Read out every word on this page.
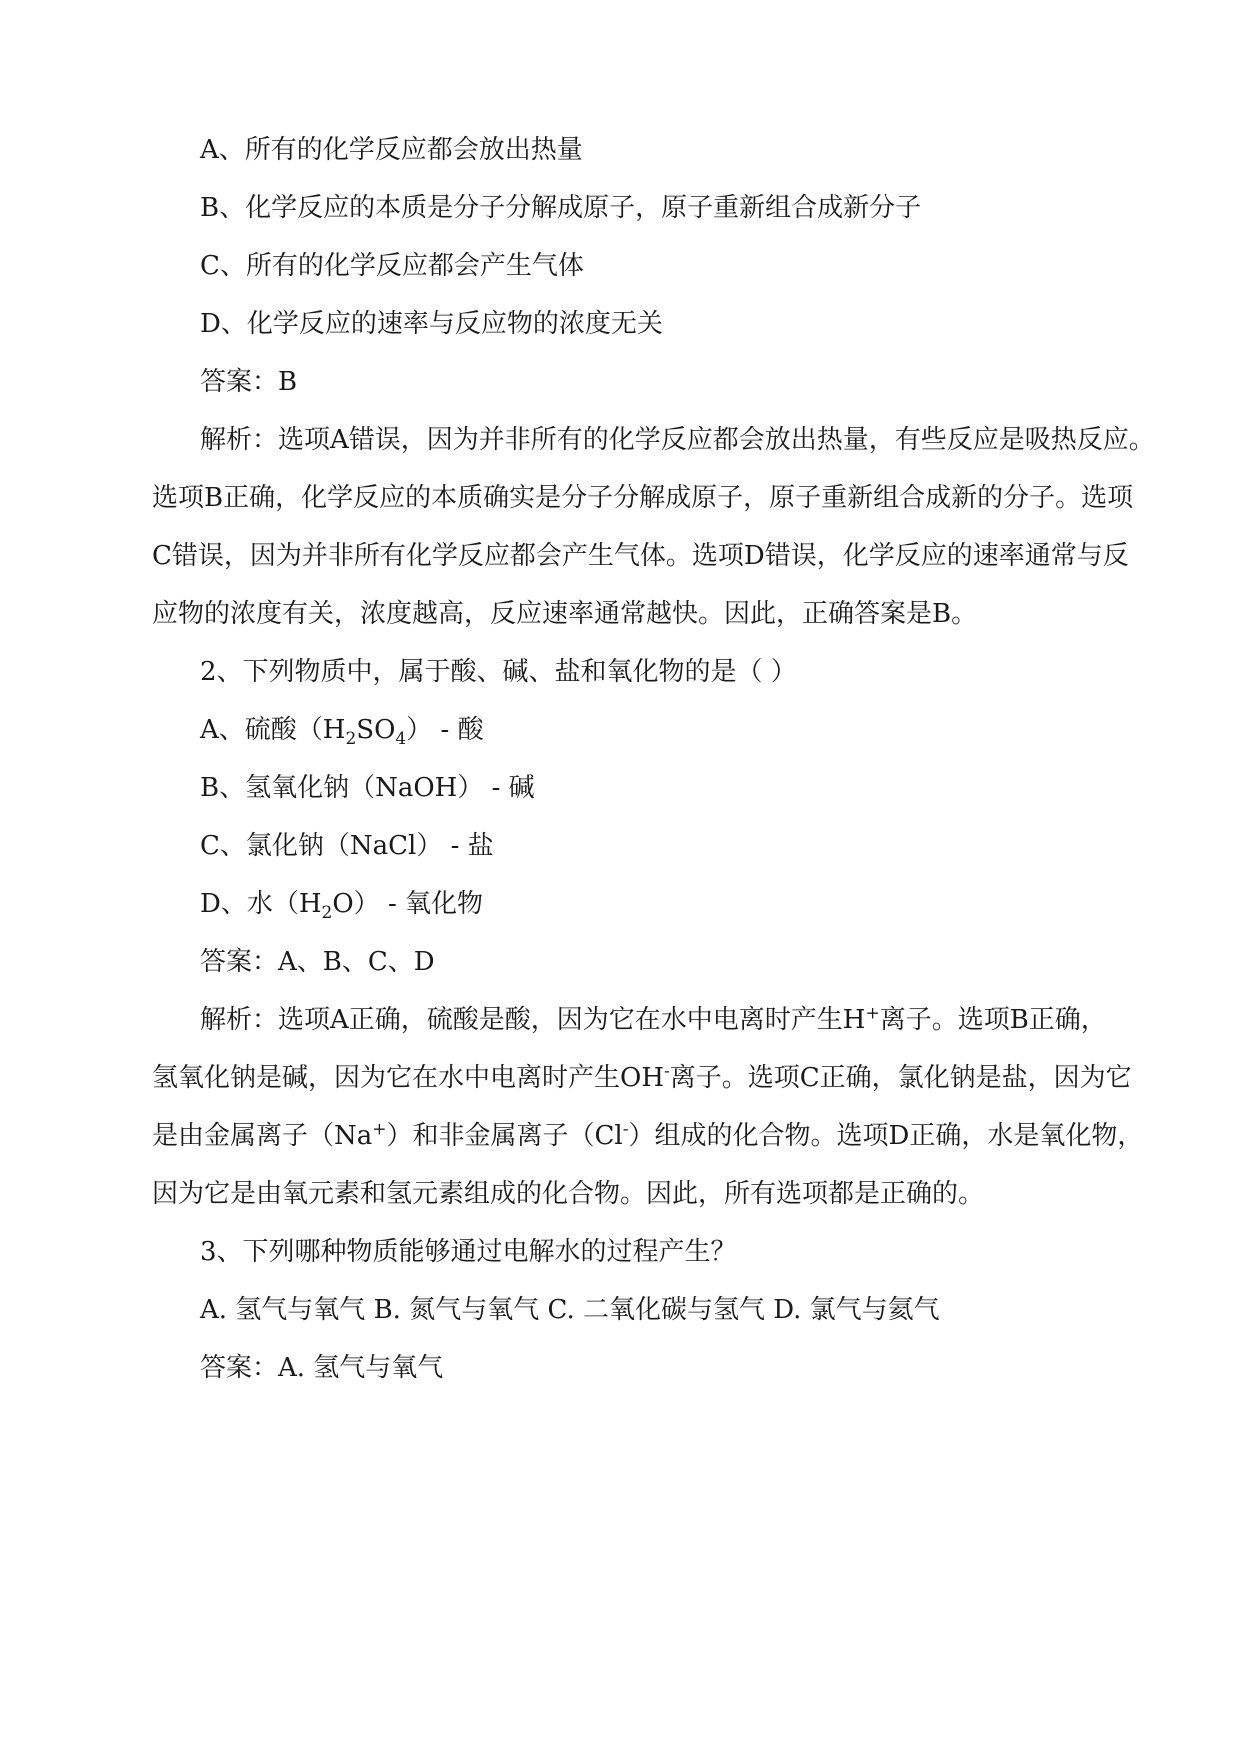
A、所有的化学反应都会放出热量
B、化学反应的本质是分子分解成原子，原子重新组合成新分子
C、所有的化学反应都会产生气体
D、化学反应的速率与反应物的浓度无关
答案：B
解析：选项A错误，因为并非所有的化学反应都会放出热量，有些反应是吸热反应。
选项B正确，化学反应的本质确实是分子分解成原子，原子重新组合成新的分子。选项
C错误，因为并非所有化学反应都会产生气体。选项D错误，化学反应的速率通常与反
应物的浓度有关，浓度越高，反应速率通常越快。因此，正确答案是B。
2、下列物质中，属于酸、碱、盐和氧化物的是（ ）
A、硫酸$(H_2SO_4)$ - 酸
B、氢氧化钠（NaOH） - 碱
C、氯化钠（NaCl） - 盐
D、水$(H_2O)$ - 氧化物
答案：A、B、C、D
解析：选项A正确，硫酸是酸，因为它在水中电离时产生H+离子。选项B正确，
氢氧化钠是碱，因为它在水中电离时产生OH-离子。选项C正确，氯化钠是盐，因为它
是由金属离子（Na+）和非金属离子（Cl-）组成的化合物。选项D正确，水是氧化物，
因为它是由氧元素和氢元素组成的化合物。因此，所有选项都是正确的。
3、下列哪种物质能够通过电解水的过程产生？
A. 氢气与氧气 B. 氮气与氧气 C. 二氧化碳与氢气 D. 氯气与氦气
答案：A. 氢气与氧气
